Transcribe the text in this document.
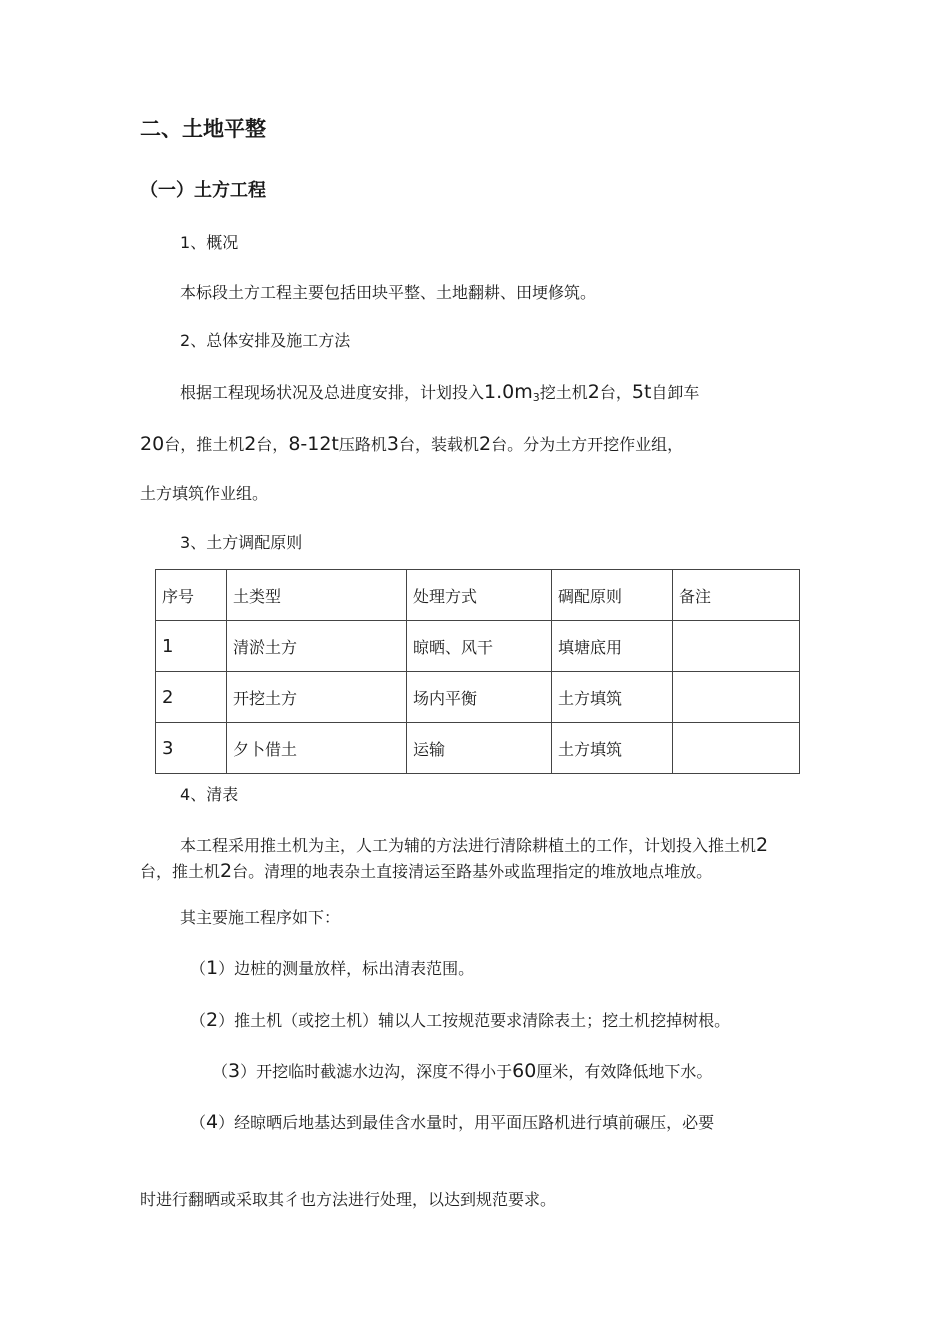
二、土地平整
（一）土方工程
1、概况
本标段土方工程主要包括田块平整、土地翻耕、田埂修筑。
2、总体安排及施工方法
根据工程现场状况及总进度安排，计划投入1.0m3挖土机2台，5t自卸车
20台，推土机2台，8-12t压路机3台，装载机2台。分为土方开挖作业组，
土方填筑作业组。
3、土方调配原则
序号	土类型	处理方式	碉配原则	备注
1	清淤土方	晾晒、风干	填塘底用	
2	开挖土方	场内平衡	土方填筑	
3	夕卜借土	运输	土方填筑	
4、清表
本工程采用推土机为主，人工为辅的方法进行清除耕植土的工作，计划投入推土机2
台，推土机2台。清理的地表杂土直接清运至路基外或监理指定的堆放地点堆放。
其主要施工程序如下：
（1）边桩的测量放样，标出清表范围。
（2）推土机（或挖土机）辅以人工按规范要求清除表土；挖土机挖掉树根。
（3）开挖临时截滤水边沟，深度不得小于60厘米，有效降低地下水。
（4）经晾晒后地基达到最佳含水量时，用平面压路机进行填前碾压，必要
时进行翻晒或采取其彳也方法进行处理，以达到规范要求。
